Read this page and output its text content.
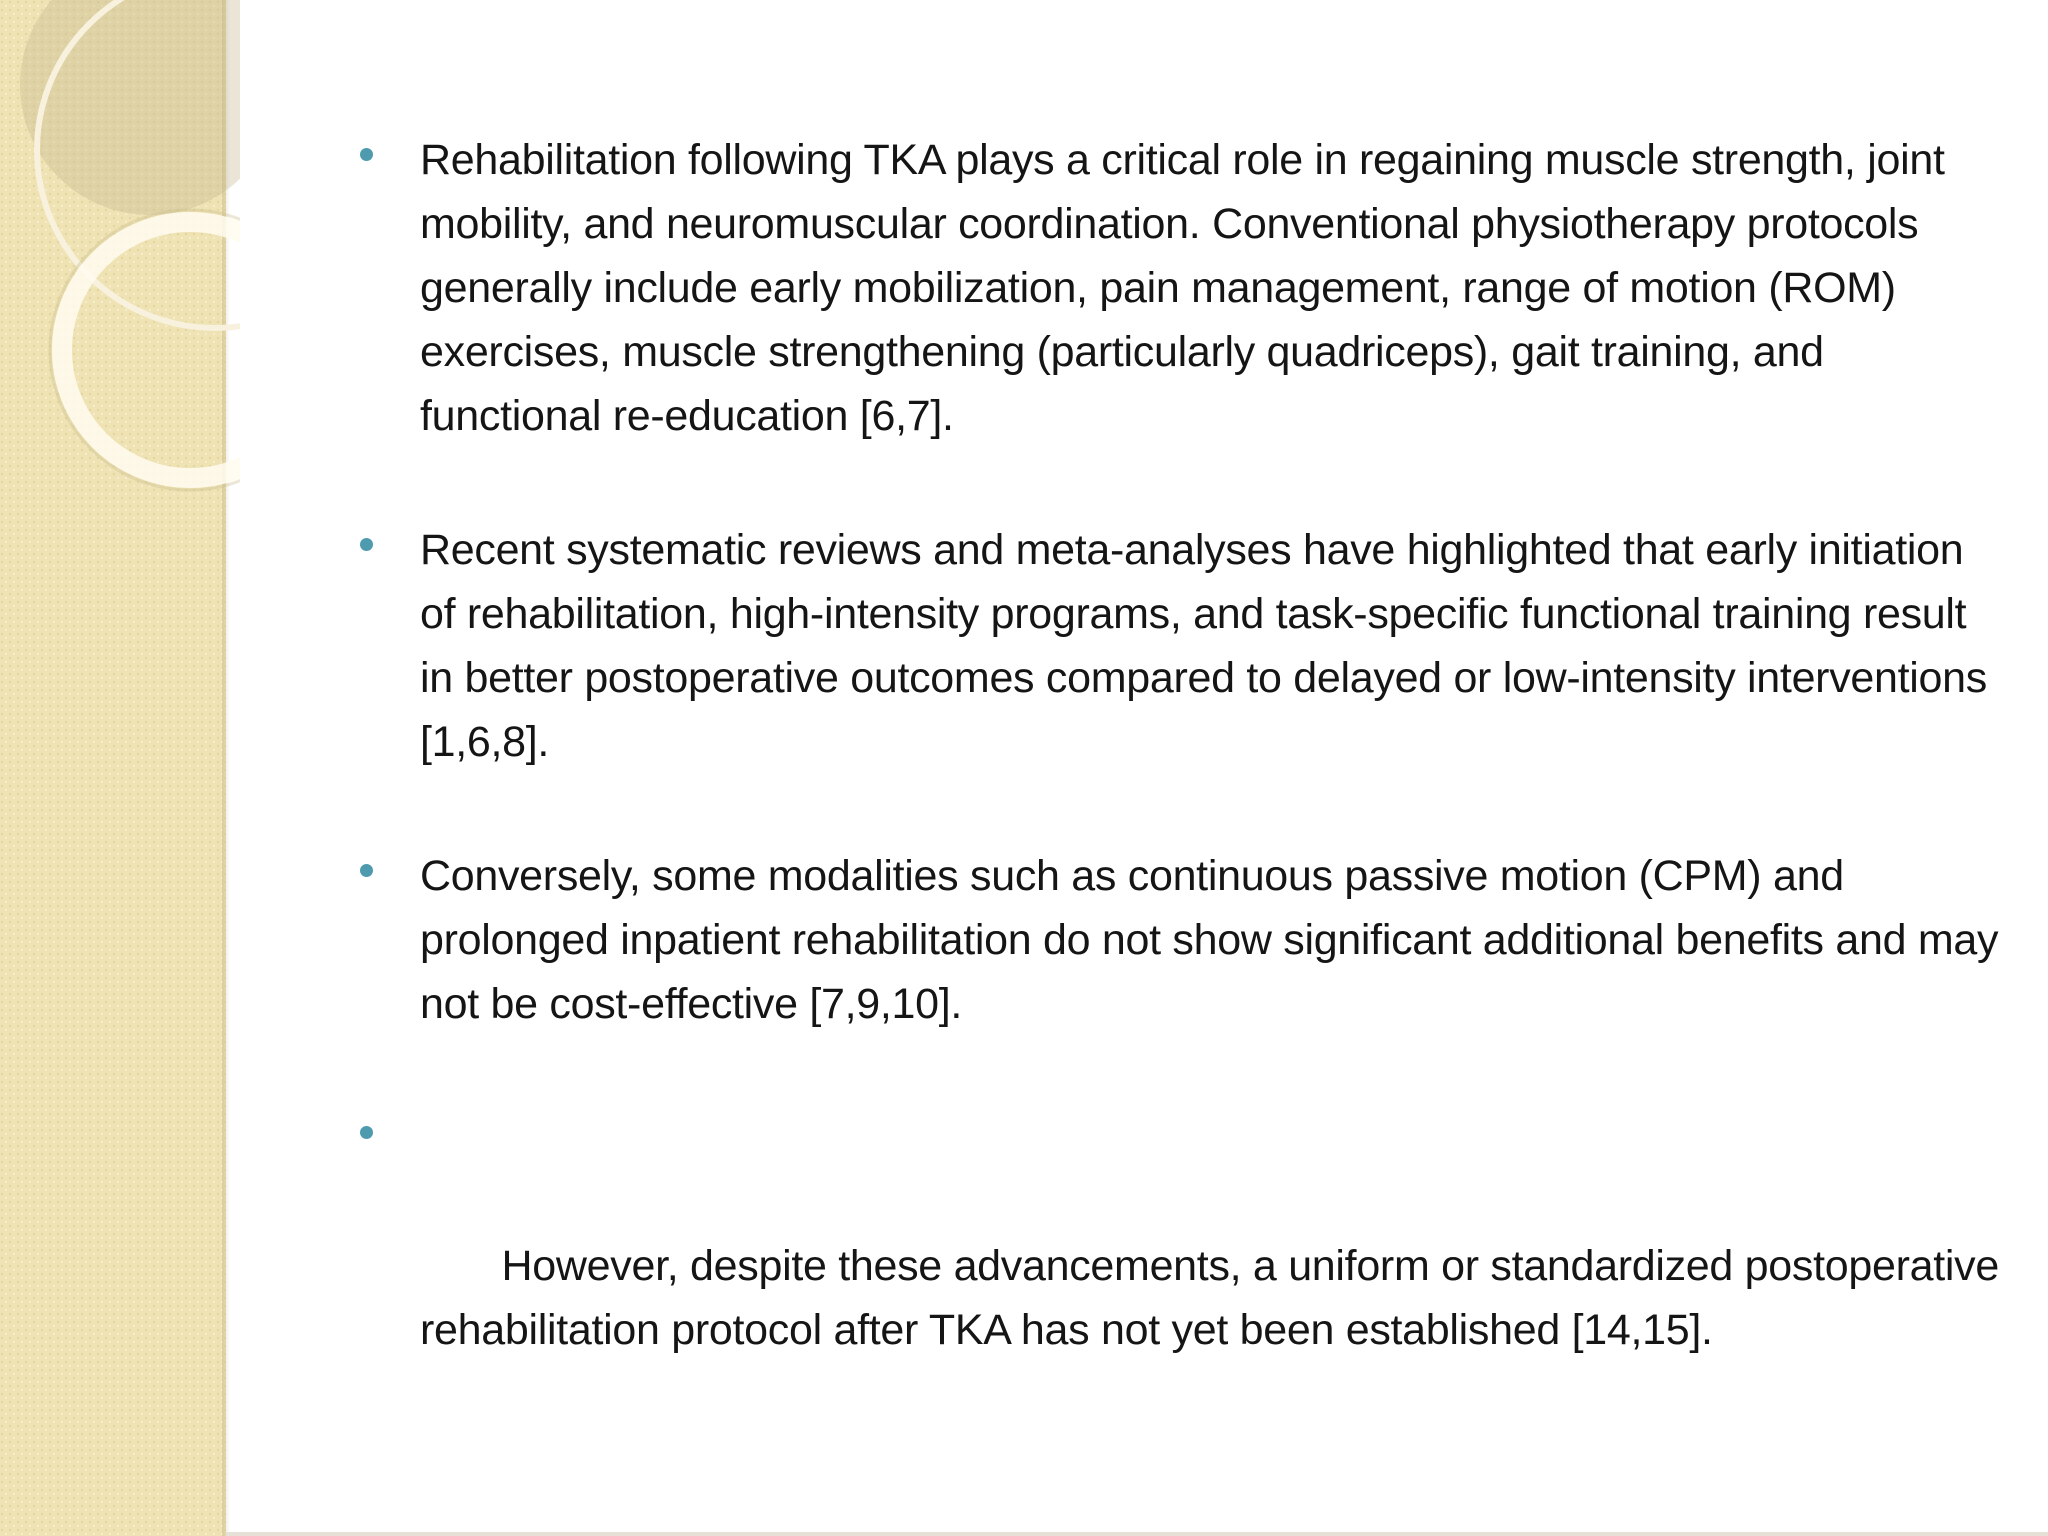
Rehabilitation following TKA plays a critical role in regaining muscle strength, joint mobility, and neuromuscular coordination. Conventional physiotherapy protocols generally include early mobilization, pain management, range of motion (ROM) exercises, muscle strengthening (particularly quadriceps), gait training, and functional re-education [6,7].
Recent systematic reviews and meta-analyses have highlighted that early initiation of rehabilitation, high-intensity programs, and task-specific functional training result in better postoperative outcomes compared to delayed or low-intensity interventions [1,6,8].
Conversely, some modalities such as continuous passive motion (CPM) and prolonged inpatient rehabilitation do not show significant additional benefits and may not be cost-effective [7,9,10].

However, despite these advancements, a uniform or standardized postoperative rehabilitation protocol after TKA has not yet been established [14,15].
